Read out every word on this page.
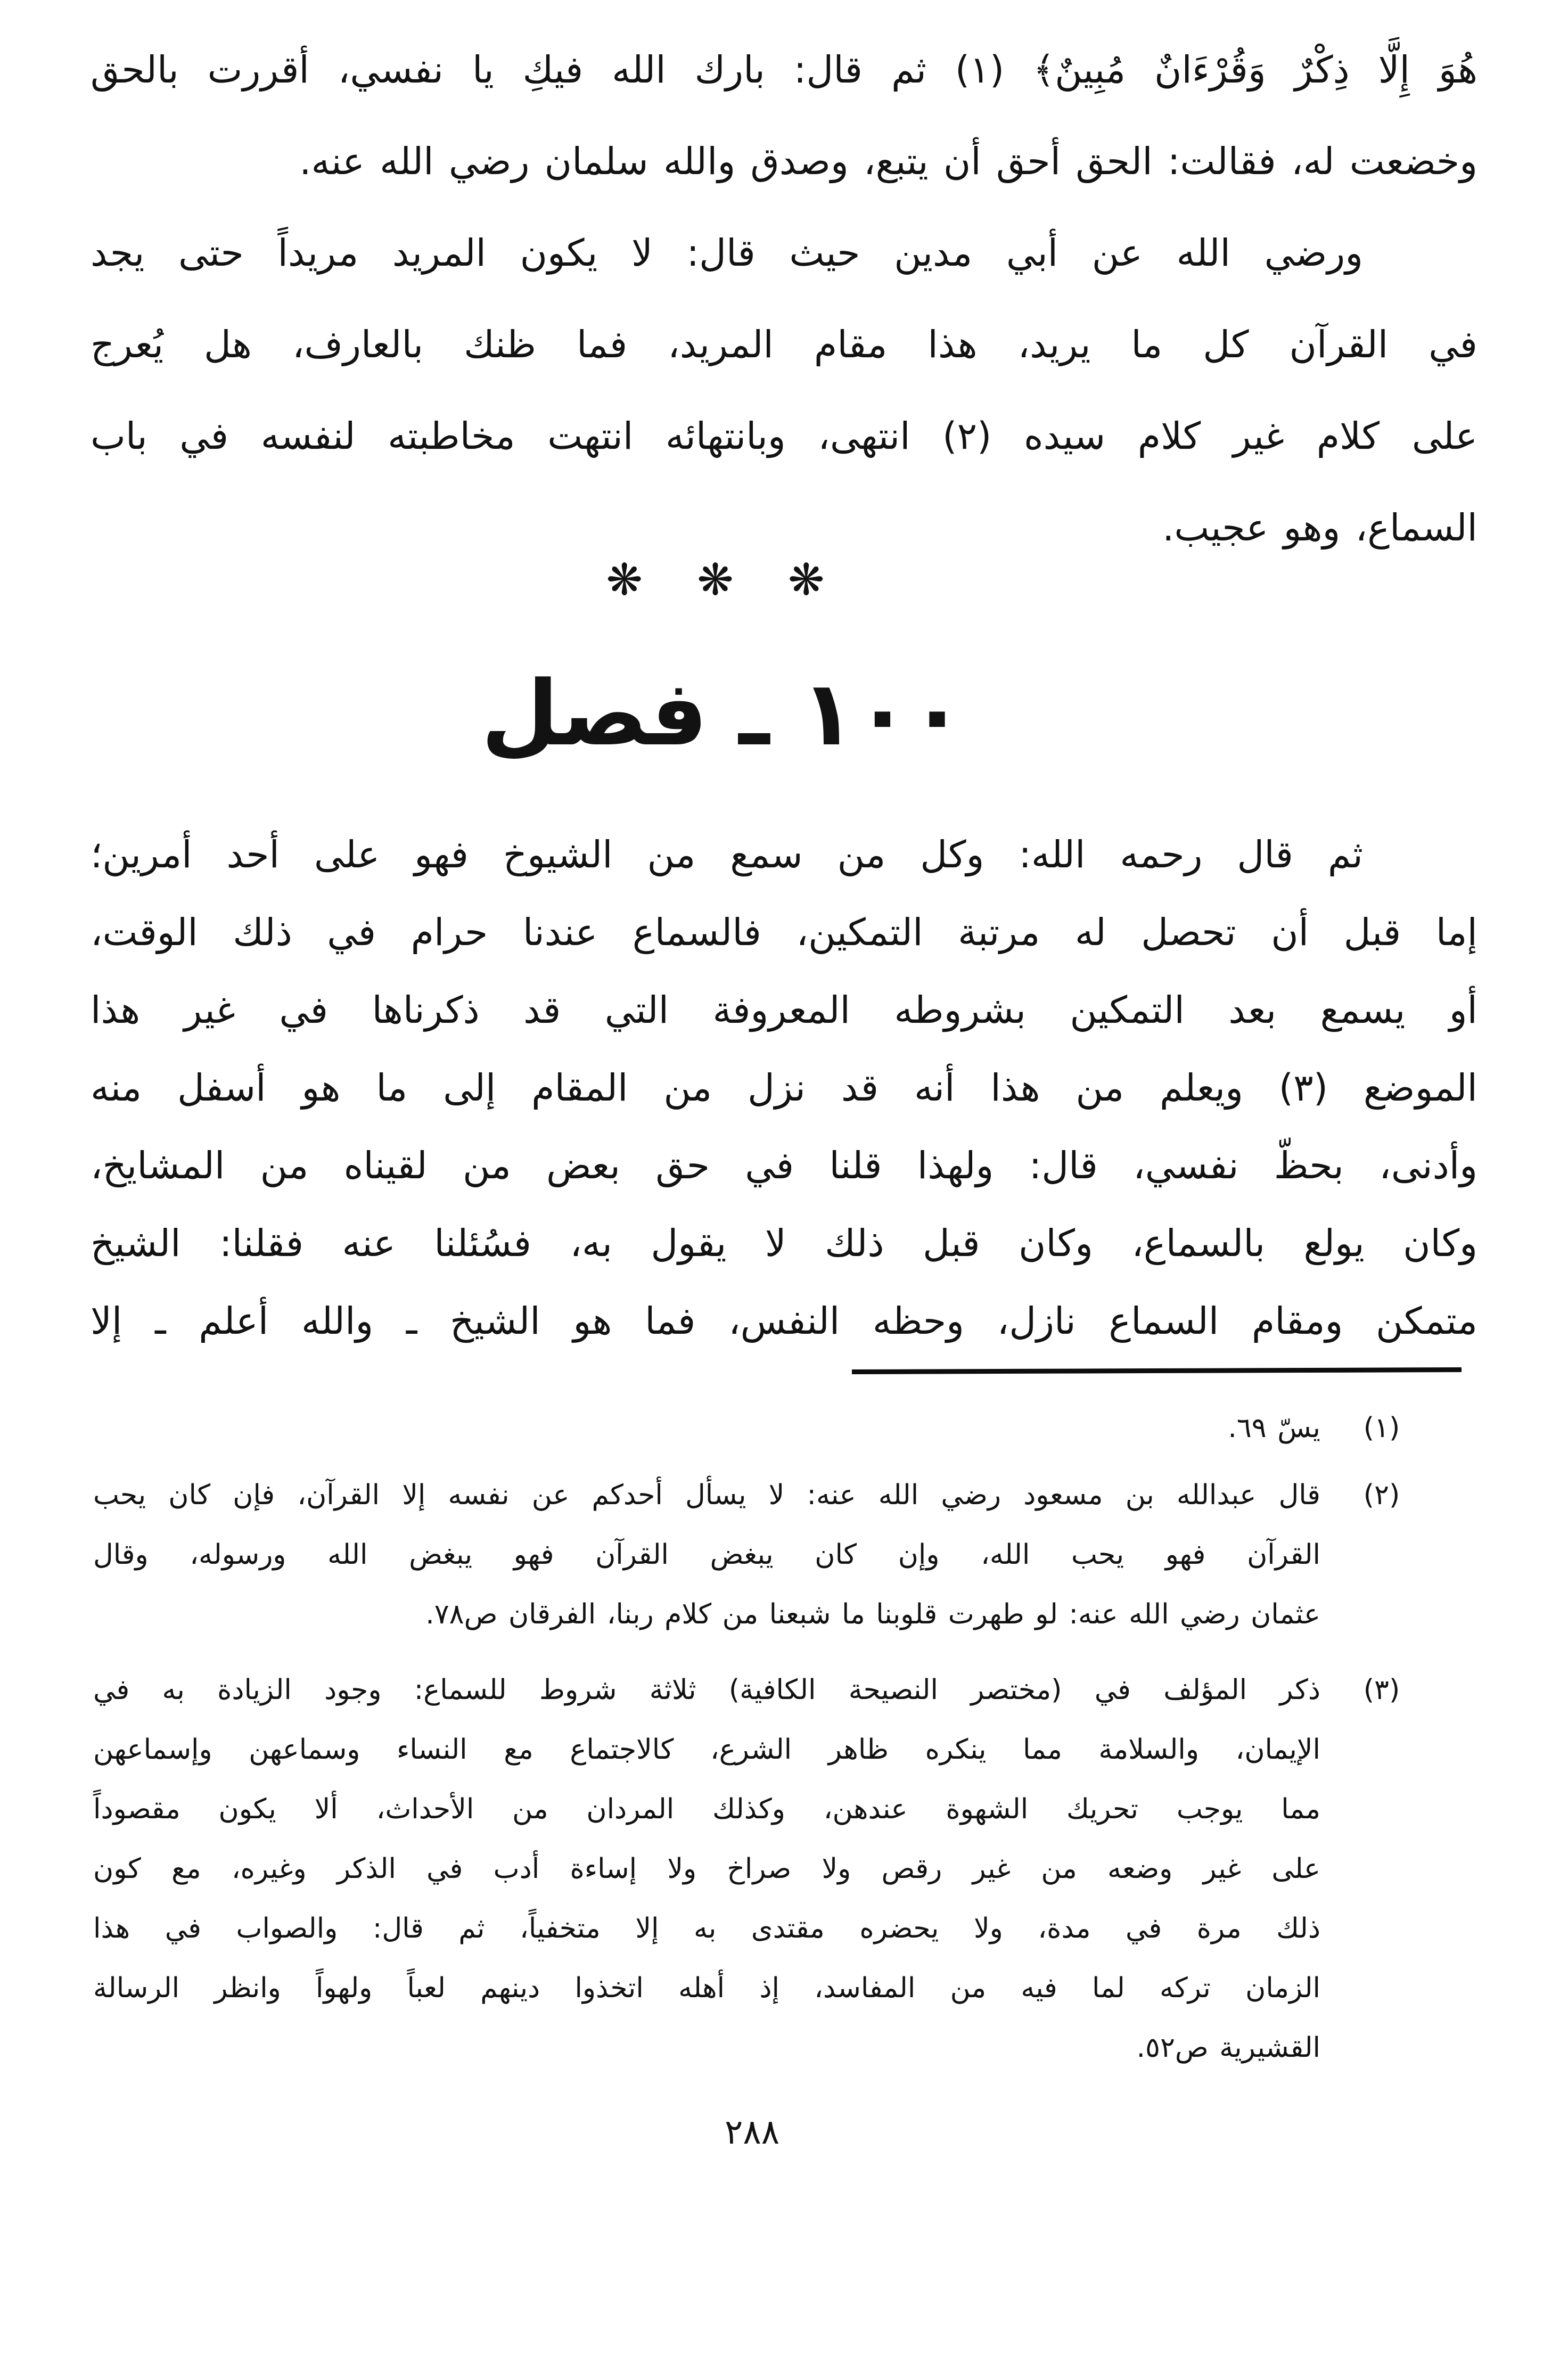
هُوَ إِلَّا ذِكْرٌ وَقُرْءَانٌ مُبِينٌ﴾ (١) ثم قال: بارك الله فيكِ يا نفسي، أقررت بالحق
وخضعت له، فقالت: الحق أحق أن يتبع، وصدق والله سلمان رضي الله عنه.
ورضي الله عن أبي مدين حيث قال: لا يكون المريد مريداً حتى يجد
في القرآن كل ما يريد، هذا مقام المريد، فما ظنك بالعارف، هل يُعرج
على كلام غير كلام سيده (٢) انتهى، وبانتهائه انتهت مخاطبته لنفسه في باب
السماع، وهو عجيب.
❋ ❋ ❋
١٠٠ ـ فصل
ثم قال رحمه الله: وكل من سمع من الشيوخ فهو على أحد أمرين؛
إما قبل أن تحصل له مرتبة التمكين، فالسماع عندنا حرام في ذلك الوقت،
أو يسمع بعد التمكين بشروطه المعروفة التي قد ذكرناها في غير هذا
الموضع (٣) ويعلم من هذا أنه قد نزل من المقام إلى ما هو أسفل منه
وأدنى، بحظّ نفسي، قال: ولهذا قلنا في حق بعض من لقيناه من المشايخ،
وكان يولع بالسماع، وكان قبل ذلك لا يقول به، فسُئلنا عنه فقلنا: الشيخ
متمكن ومقام السماع نازل، وحظه النفس، فما هو الشيخ ـ والله أعلم ـ إلا
(١)
يسّ ٦٩.
(٢)
قال عبدالله بن مسعود رضي الله عنه: لا يسأل أحدكم عن نفسه إلا القرآن، فإن كان يحب
القرآن فهو يحب الله، وإن كان يبغض القرآن فهو يبغض الله ورسوله، وقال
عثمان رضي الله عنه: لو طهرت قلوبنا ما شبعنا من كلام ربنا، الفرقان ص٧٨.
(٣)
ذكر المؤلف في (مختصر النصيحة الكافية) ثلاثة شروط للسماع: وجود الزيادة به في
الإيمان، والسلامة مما ينكره ظاهر الشرع، كالاجتماع مع النساء وسماعهن وإسماعهن
مما يوجب تحريك الشهوة عندهن، وكذلك المردان من الأحداث، ألا يكون مقصوداً
على غير وضعه من غير رقص ولا صراخ ولا إساءة أدب في الذكر وغيره، مع كون
ذلك مرة في مدة، ولا يحضره مقتدى به إلا متخفياً، ثم قال: والصواب في هذا
الزمان تركه لما فيه من المفاسد، إذ أهله اتخذوا دينهم لعباً ولهواً وانظر الرسالة
القشيرية ص٥٢.
٢٨٨
